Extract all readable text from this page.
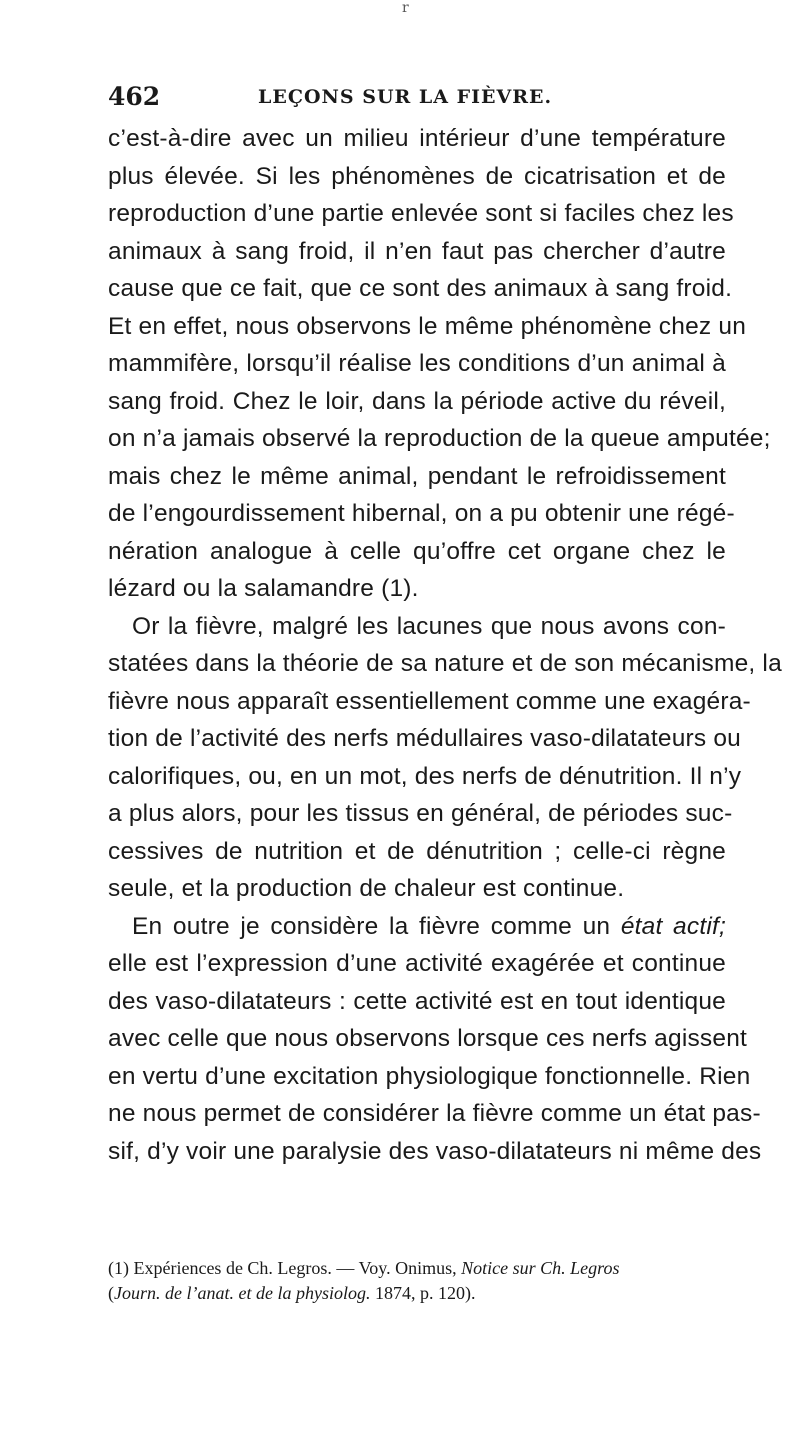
r
462	LEÇONS SUR LA FIÈVRE.
c’est-à-dire avec un milieu intérieur d’une température
plus élevée. Si les phénomènes de cicatrisation et de
reproduction d’une partie enlevée sont si faciles chez les
animaux à sang froid, il n’en faut pas chercher d’autre
cause que ce fait, que ce sont des animaux à sang froid.
Et en effet, nous observons le même phénomène chez un
mammifère, lorsqu’il réalise les conditions d’un animal à
sang froid. Chez le loir, dans la période active du réveil,
on n’a jamais observé la reproduction de la queue amputée;
mais chez le même animal, pendant le refroidissement
de l’engourdissement hibernal, on a pu obtenir une régé-
nération analogue à celle qu’offre cet organe chez le
lézard ou la salamandre (1).
Or la fièvre, malgré les lacunes que nous avons con-
statées dans la théorie de sa nature et de son mécanisme, la
fièvre nous apparaît essentiellement comme une exagéra-
tion de l’activité des nerfs médullaires vaso-dilatateurs ou
calorifiques, ou, en un mot, des nerfs de dénutrition. Il n’y
a plus alors, pour les tissus en général, de périodes suc-
cessives de nutrition et de dénutrition ; celle-ci règne
seule, et la production de chaleur est continue.
En outre je considère la fièvre comme un état actif;
elle est l’expression d’une activité exagérée et continue
des vaso-dilatateurs : cette activité est en tout identique
avec celle que nous observons lorsque ces nerfs agissent
en vertu d’une excitation physiologique fonctionnelle. Rien
ne nous permet de considérer la fièvre comme un état pas-
sif, d’y voir une paralysie des vaso-dilatateurs ni même des
(1) Expériences de Ch. Legros. — Voy. Onimus, Notice sur Ch. Legros
(Journ. de l’anat. et de la physiolog. 1874, p. 120).
